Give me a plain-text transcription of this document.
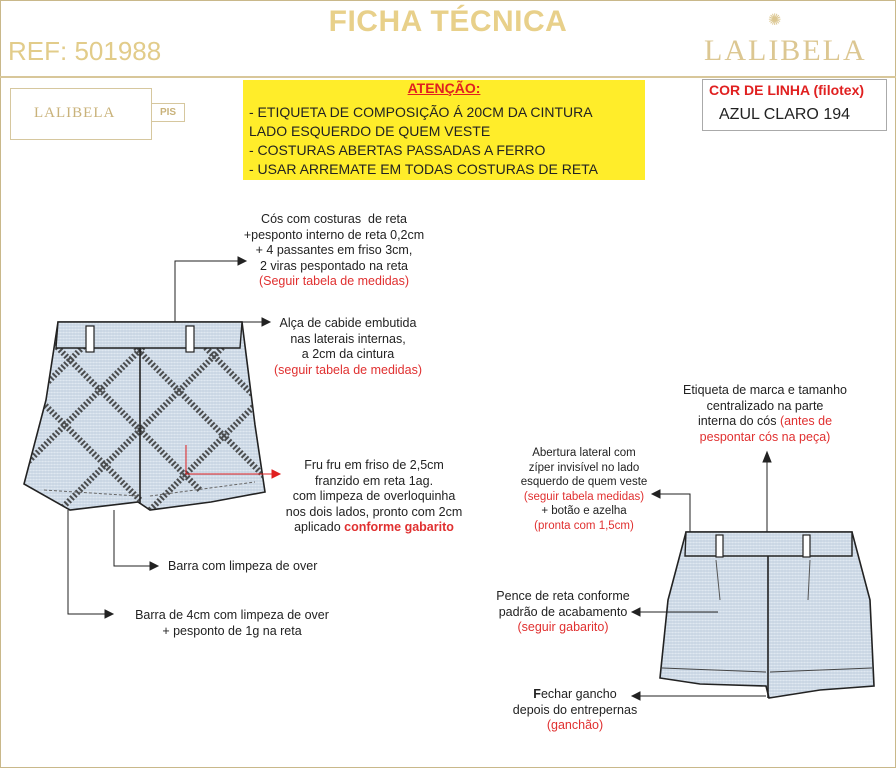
FICHA TÉCNICA
REF: 501988
✺
LALIBELA
LALIBELA	PIS
ATENÇÃO:
- ETIQUETA DE COMPOSIÇÃO Á 20CM DA CINTURA
LADO ESQUERDO DE QUEM VESTE
- COSTURAS ABERTAS PASSADAS A FERRO
- USAR ARREMATE EM TODAS COSTURAS DE RETA
COR DE LINHA (filotex)
AZUL CLARO 194
Cós com costuras  de reta
+pesponto interno de reta 0,2cm
+ 4 passantes em friso 3cm,
2 viras pespontado na reta
(Seguir tabela de medidas)
Alça de cabide embutida
nas laterais internas,
a 2cm da cintura
(seguir tabela de medidas)
Fru fru em friso de 2,5cm
franzido em reta 1ag.
com limpeza de overloquinha
nos dois lados, pronto com 2cm
aplicado conforme gabarito
Barra com limpeza de over
Barra de 4cm com limpeza de over
+ pesponto de 1g na reta
Etiqueta de marca e tamanho
centralizado na parte
interna do cós (antes de
pespontar cós na peça)
Abertura lateral com
zíper invisível no lado
esquerdo de quem veste
(seguir tabela medidas)
+ botão e azelha
(pronta com 1,5cm)
Pence de reta conforme
padrão de acabamento
(seguir gabarito)
Fechar gancho
depois do entrepernas
(ganchão)
